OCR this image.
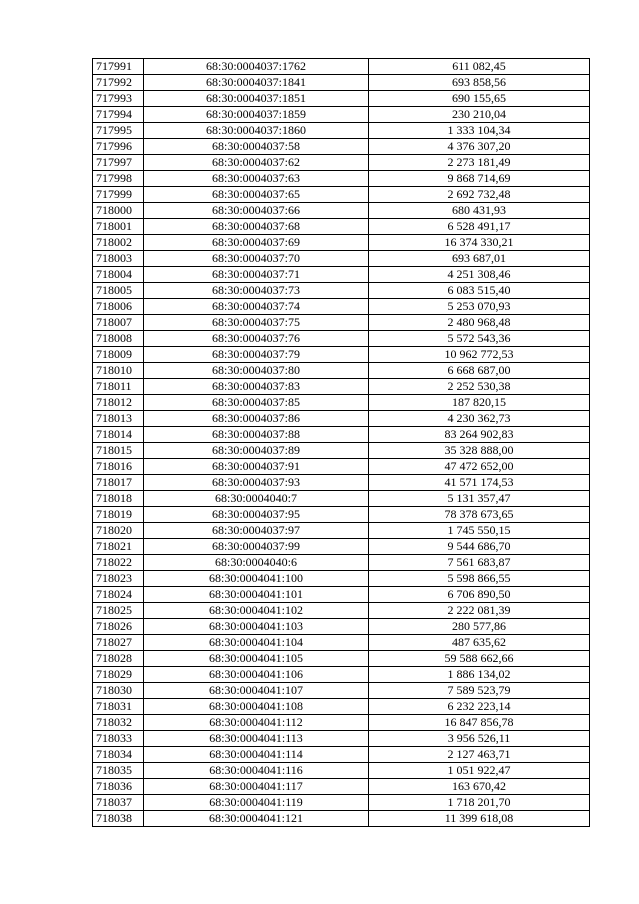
717991	68:30:0004037:1762	611 082,45
717992	68:30:0004037:1841	693 858,56
717993	68:30:0004037:1851	690 155,65
717994	68:30:0004037:1859	230 210,04
717995	68:30:0004037:1860	1 333 104,34
717996	68:30:0004037:58	4 376 307,20
717997	68:30:0004037:62	2 273 181,49
717998	68:30:0004037:63	9 868 714,69
717999	68:30:0004037:65	2 692 732,48
718000	68:30:0004037:66	680 431,93
718001	68:30:0004037:68	6 528 491,17
718002	68:30:0004037:69	16 374 330,21
718003	68:30:0004037:70	693 687,01
718004	68:30:0004037:71	4 251 308,46
718005	68:30:0004037:73	6 083 515,40
718006	68:30:0004037:74	5 253 070,93
718007	68:30:0004037:75	2 480 968,48
718008	68:30:0004037:76	5 572 543,36
718009	68:30:0004037:79	10 962 772,53
718010	68:30:0004037:80	6 668 687,00
718011	68:30:0004037:83	2 252 530,38
718012	68:30:0004037:85	187 820,15
718013	68:30:0004037:86	4 230 362,73
718014	68:30:0004037:88	83 264 902,83
718015	68:30:0004037:89	35 328 888,00
718016	68:30:0004037:91	47 472 652,00
718017	68:30:0004037:93	41 571 174,53
718018	68:30:0004040:7	5 131 357,47
718019	68:30:0004037:95	78 378 673,65
718020	68:30:0004037:97	1 745 550,15
718021	68:30:0004037:99	9 544 686,70
718022	68:30:0004040:6	7 561 683,87
718023	68:30:0004041:100	5 598 866,55
718024	68:30:0004041:101	6 706 890,50
718025	68:30:0004041:102	2 222 081,39
718026	68:30:0004041:103	280 577,86
718027	68:30:0004041:104	487 635,62
718028	68:30:0004041:105	59 588 662,66
718029	68:30:0004041:106	1 886 134,02
718030	68:30:0004041:107	7 589 523,79
718031	68:30:0004041:108	6 232 223,14
718032	68:30:0004041:112	16 847 856,78
718033	68:30:0004041:113	3 956 526,11
718034	68:30:0004041:114	2 127 463,71
718035	68:30:0004041:116	1 051 922,47
718036	68:30:0004041:117	163 670,42
718037	68:30:0004041:119	1 718 201,70
718038	68:30:0004041:121	11 399 618,08
